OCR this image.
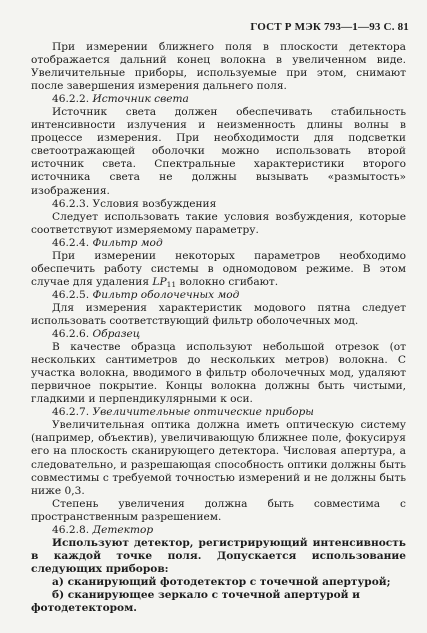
ГОСТ Р МЭК 793—1—93 С. 81

При измерении ближнего поля в плоскости детектора отображается дальний конец волокна в увеличенном виде. Увеличительные приборы, используемые при этом, снимают после завершения измерения дальнего поля.

46.2.2. Источник света

Источник света должен обеспечивать стабильность интенсивности излучения и неизменность длины волны в процессе измерения. При необходимости для подсветки светоотражающей оболочки можно использовать второй источник света. Спектральные характеристики второго источника света не должны вызывать «размытость» изображения.

46.2.3. Условия возбуждения

Следует использовать такие условия возбуждения, которые соответствуют измеряемому параметру.

46.2.4. Фильтр мод

При измерении некоторых параметров необходимо обеспечить работу системы в одномодовом режиме. В этом случае для удаления $LP_{11}$ волокно сгибают.

46.2.5. Фильтр оболочечных мод

Для измерения характеристик модового пятна следует использовать соответствующий фильтр оболочечных мод.

46.2.6. Образец

В качестве образца используют небольшой отрезок (от нескольких сантиметров до нескольких метров) волокна. С участка волокна, вводимого в фильтр оболочечных мод, удаляют первичное покрытие. Концы волокна должны быть чистыми, гладкими и перпендикулярными к оси.

46.2.7. Увеличительные оптические приборы

Увеличительная оптика должна иметь оптическую систему (например, объектив), увеличивающую ближнее поле, фокусируя его на плоскость сканирующего детектора. Числовая апертура, а следовательно, и разрешающая способность оптики должны быть совместимы с требуемой точностью измерений и не должны быть ниже 0,3.

Степень увеличения должна быть совместима с пространственным разрешением.

46.2.8. Детектор

Используют детектор, регистрирующий интенсивность в каждой точке поля. Допускается использование следующих приборов:

а) сканирующий фотодетектор с точечной апертурой;

б) сканирующее зеркало с точечной апертурой и фотодетектором.
